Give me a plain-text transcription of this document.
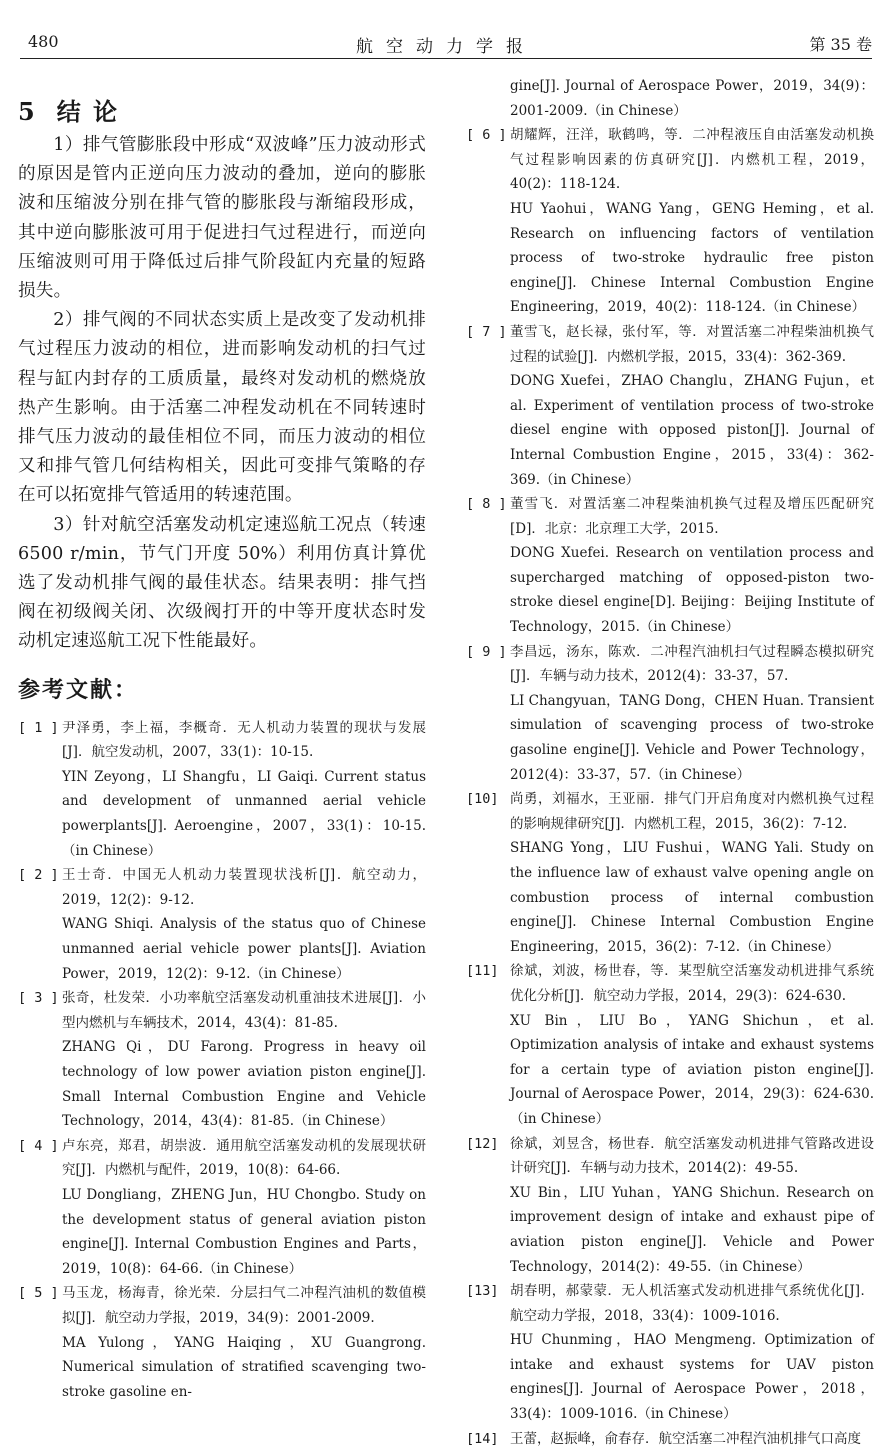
480	航空动力学报	第 35 卷
5 结 论

1）排气管膨胀段中形成“双波峰”压力波动形式的原因是管内正逆向压力波动的叠加，逆向的膨胀波和压缩波分别在排气管的膨胀段与渐缩段形成，其中逆向膨胀波可用于促进扫气过程进行，而逆向压缩波则可用于降低过后排气阶段缸内充量的短路损失。

2）排气阀的不同状态实质上是改变了发动机排气过程压力波动的相位，进而影响发动机的扫气过程与缸内封存的工质质量，最终对发动机的燃烧放热产生影响。由于活塞二冲程发动机在不同转速时排气压力波动的最佳相位不同，而压力波动的相位又和排气管几何结构相关，因此可变排气策略的存在可以拓宽排气管适用的转速范围。

3）针对航空活塞发动机定速巡航工况点（转速 6500 r/min，节气门开度 50%）利用仿真计算优选了发动机排气阀的最佳状态。结果表明：排气挡阀在初级阀关闭、次级阀打开的中等开度状态时发动机定速巡航工况下性能最好。

参考文献：
[ 1 ] 尹泽勇，李上福，李概奇．无人机动力装置的现状与发展[J]．航空发动机，2007，33(1)：10-15.

YIN Zeyong，LI Shangfu，LI Gaiqi. Current status and development of unmanned aerial vehicle powerplants[J]. Aeroengine，2007，33(1)：10-15.（in Chinese）

[ 2 ] 王士奇．中国无人机动力装置现状浅析[J]．航空动力，2019，12(2)：9-12.

WANG Shiqi. Analysis of the status quo of Chinese unmanned aerial vehicle power plants[J]. Aviation Power，2019，12(2)：9-12.（in Chinese）

[ 3 ] 张奇，杜发荣．小功率航空活塞发动机重油技术进展[J]．小型内燃机与车辆技术，2014，43(4)：81-85.

ZHANG Qi，DU Farong. Progress in heavy oil technology of low power aviation piston engine[J]. Small Internal Combustion Engine and Vehicle Technology，2014，43(4)：81-85.（in Chinese）

[ 4 ] 卢东亮，郑君，胡崇波．通用航空活塞发动机的发展现状研究[J]．内燃机与配件，2019，10(8)：64-66.

LU Dongliang，ZHENG Jun，HU Chongbo. Study on the development status of general aviation piston engine[J]. Internal Combustion Engines and Parts，2019，10(8)：64-66.（in Chinese）

[ 5 ] 马玉龙，杨海青，徐光荣．分层扫气二冲程汽油机的数值模拟[J]．航空动力学报，2019，34(9)：2001-2009.

MA Yulong，YANG Haiqing，XU Guangrong. Numerical simulation of stratified scavenging two-stroke gasoline en-

gine[J]. Journal of Aerospace Power，2019，34(9)：2001-2009.（in Chinese）

[ 6 ] 胡耀辉，汪洋，耿鹤鸣，等．二冲程液压自由活塞发动机换气过程影响因素的仿真研究[J]．内燃机工程，2019，40(2)：118-124.

HU Yaohui，WANG Yang，GENG Heming，et al. Research on influencing factors of ventilation process of two-stroke hydraulic free piston engine[J]. Chinese Internal Combustion Engine Engineering，2019，40(2)：118-124.（in Chinese）

[ 7 ] 董雪飞，赵长禄，张付军，等．对置活塞二冲程柴油机换气过程的试验[J]．内燃机学报，2015，33(4)：362-369.

DONG Xuefei，ZHAO Changlu，ZHANG Fujun，et al. Experiment of ventilation process of two-stroke diesel engine with opposed piston[J]. Journal of Internal Combustion Engine，2015，33(4)：362-369.（in Chinese）

[ 8 ] 董雪飞．对置活塞二冲程柴油机换气过程及增压匹配研究[D]．北京：北京理工大学，2015.

DONG Xuefei. Research on ventilation process and supercharged matching of opposed-piston two-stroke diesel engine[D]. Beijing：Beijing Institute of Technology，2015.（in Chinese）

[ 9 ] 李昌远，汤东，陈欢．二冲程汽油机扫气过程瞬态模拟研究[J]．车辆与动力技术，2012(4)：33-37，57.

LI Changyuan，TANG Dong，CHEN Huan. Transient simulation of scavenging process of two-stroke gasoline engine[J]. Vehicle and Power Technology，2012(4)：33-37，57.（in Chinese）

[10] 尚勇，刘福水，王亚丽．排气门开启角度对内燃机换气过程的影响规律研究[J]．内燃机工程，2015，36(2)：7-12.

SHANG Yong，LIU Fushui，WANG Yali. Study on the influence law of exhaust valve opening angle on combustion process of internal combustion engine[J]. Chinese Internal Combustion Engine Engineering，2015，36(2)：7-12.（in Chinese）

[11] 徐斌，刘波，杨世春，等．某型航空活塞发动机进排气系统优化分析[J]．航空动力学报，2014，29(3)：624-630.

XU Bin，LIU Bo，YANG Shichun，et al. Optimization analysis of intake and exhaust systems for a certain type of aviation piston engine[J]. Journal of Aerospace Power，2014，29(3)：624-630.（in Chinese）

[12] 徐斌，刘昱含，杨世春．航空活塞发动机进排气管路改进设计研究[J]．车辆与动力技术，2014(2)：49-55.

XU Bin，LIU Yuhan，YANG Shichun. Research on improvement design of intake and exhaust pipe of aviation piston engine[J]. Vehicle and Power Technology，2014(2)：49-55.（in Chinese）

[13] 胡春明，郝蒙蒙．无人机活塞式发动机进排气系统优化[J]．航空动力学报，2018，33(4)：1009-1016.

HU Chunming，HAO Mengmeng. Optimization of intake and exhaust systems for UAV piston engines[J]. Journal of Aerospace Power，2018，33(4)：1009-1016.（in Chinese）

[14] 王蕾，赵振峰，俞春存．航空活塞二冲程汽油机排气口高度
